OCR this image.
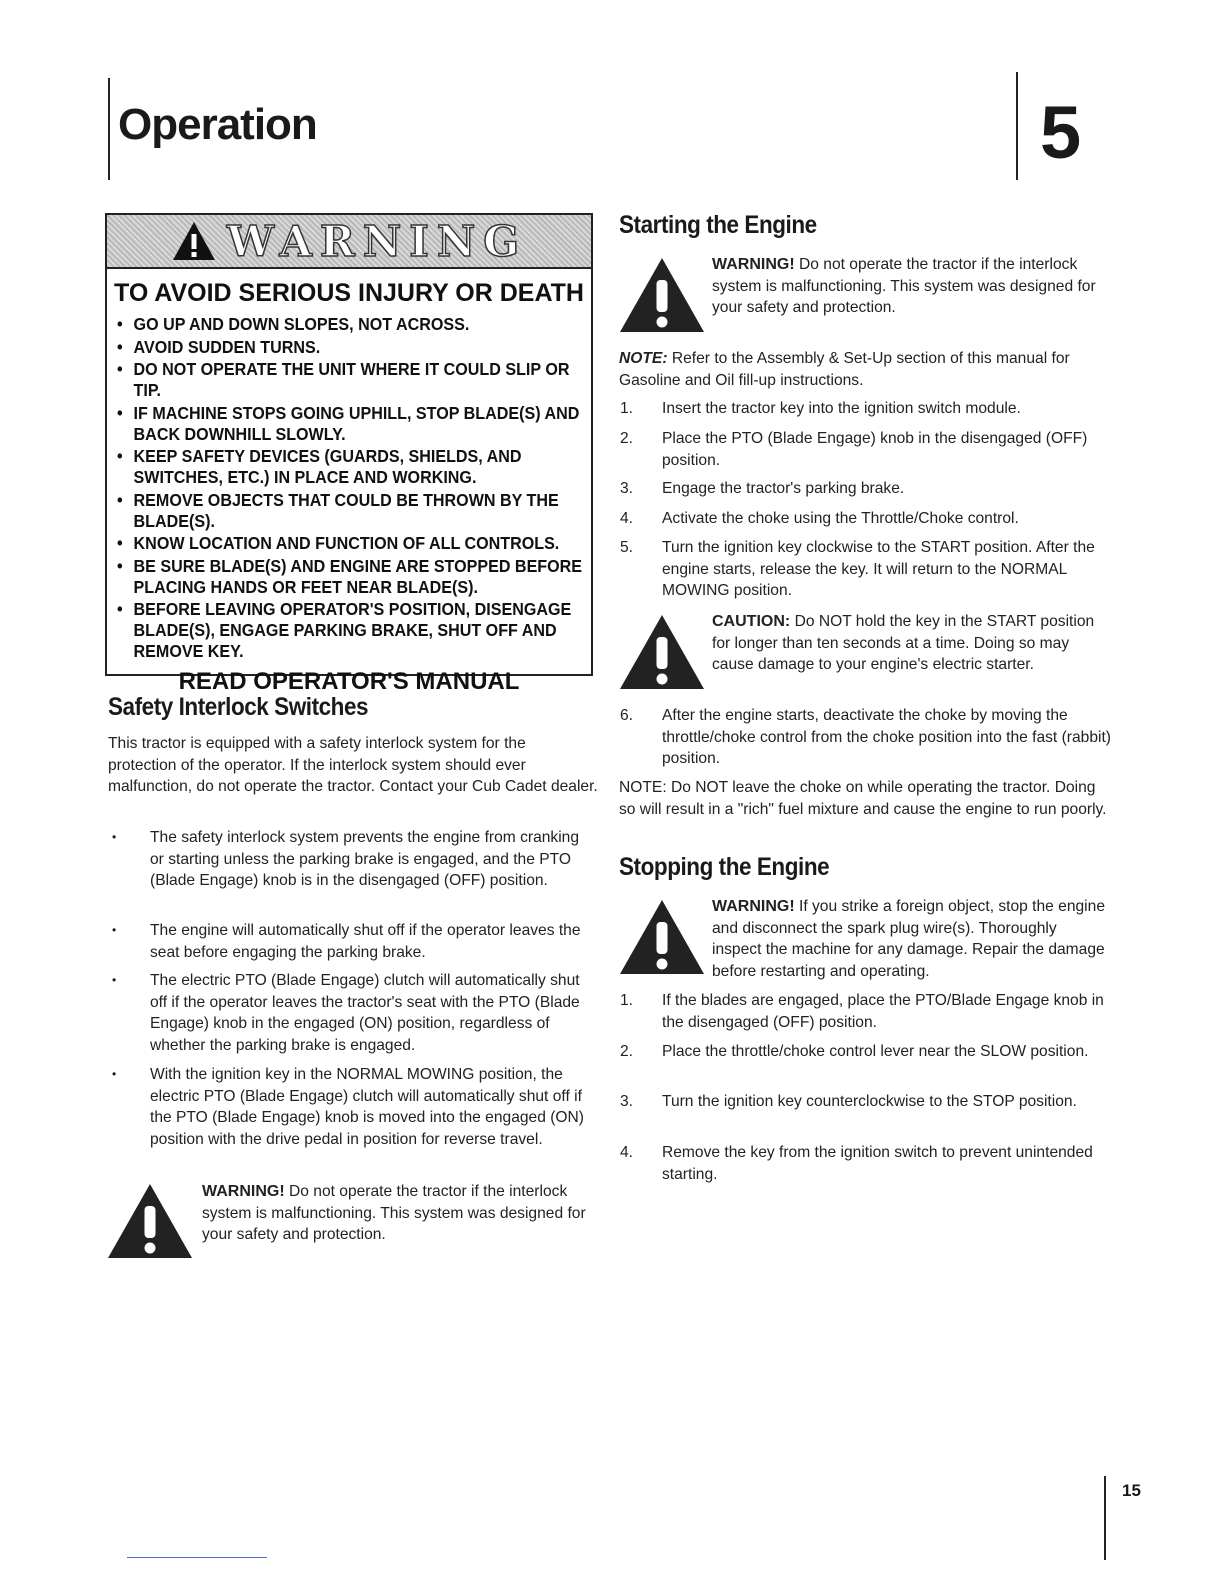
Operation	5
WARNING
TO AVOID SERIOUS INJURY OR DEATH
• GO UP AND DOWN SLOPES, NOT ACROSS.
• AVOID SUDDEN TURNS.
• DO NOT OPERATE THE UNIT WHERE IT COULD SLIP OR TIP.
• IF MACHINE STOPS GOING UPHILL, STOP BLADE(S) AND BACK DOWNHILL SLOWLY.
• KEEP SAFETY DEVICES (GUARDS, SHIELDS, AND SWITCHES, ETC.) IN PLACE AND WORKING.
• REMOVE OBJECTS THAT COULD BE THROWN BY THE BLADE(S).
• KNOW LOCATION AND FUNCTION OF ALL CONTROLS.
• BE SURE BLADE(S) AND ENGINE ARE STOPPED BEFORE PLACING HANDS OR FEET NEAR BLADE(S).
• BEFORE LEAVING OPERATOR'S POSITION, DISENGAGE BLADE(S), ENGAGE PARKING BRAKE, SHUT OFF AND REMOVE KEY.
READ OPERATOR'S MANUAL
Safety Interlock Switches

This tractor is equipped with a safety interlock system for the protection of the operator. If the interlock system should ever malfunction, do not operate the tractor. Contact your Cub Cadet dealer.

• The safety interlock system prevents the engine from cranking or starting unless the parking brake is engaged, and the PTO (Blade Engage) knob is in the disengaged (OFF) position.

• The engine will automatically shut off if the operator leaves the seat before engaging the parking brake.

• The electric PTO (Blade Engage) clutch will automatically shut off if the operator leaves the tractor's seat with the PTO (Blade Engage) knob in the engaged (ON) position, regardless of whether the parking brake is engaged.

• With the ignition key in the NORMAL MOWING position, the electric PTO (Blade Engage) clutch will automatically shut off if the PTO (Blade Engage) knob is moved into the engaged (ON) position with the drive pedal in position for reverse travel.

WARNING! Do not operate the tractor if the interlock system is malfunctioning. This system was designed for your safety and protection.

Starting the Engine

WARNING! Do not operate the tractor if the interlock system is malfunctioning. This system was designed for your safety and protection.

NOTE: Refer to the Assembly & Set-Up section of this manual for Gasoline and Oil fill-up instructions.

1. Insert the tractor key into the ignition switch module.

2. Place the PTO (Blade Engage) knob in the disengaged (OFF) position.

3. Engage the tractor's parking brake.

4. Activate the choke using the Throttle/Choke control.

5. Turn the ignition key clockwise to the START position. After the engine starts, release the key. It will return to the NORMAL MOWING position.

CAUTION: Do NOT hold the key in the START position for longer than ten seconds at a time. Doing so may cause damage to your engine's electric starter.

6. After the engine starts, deactivate the choke by moving the throttle/choke control from the choke position into the fast (rabbit) position.

NOTE: Do NOT leave the choke on while operating the tractor. Doing so will result in a "rich" fuel mixture and cause the engine to run poorly.

Stopping the Engine

WARNING! If you strike a foreign object, stop the engine and disconnect the spark plug wire(s). Thoroughly inspect the machine for any damage. Repair the damage before restarting and operating.

1. If the blades are engaged, place the PTO/Blade Engage knob in the disengaged (OFF) position.

2. Place the throttle/choke control lever near the SLOW position.

3. Turn the ignition key counterclockwise to the STOP position.

4. Remove the key from the ignition switch to prevent unintended starting.

15
